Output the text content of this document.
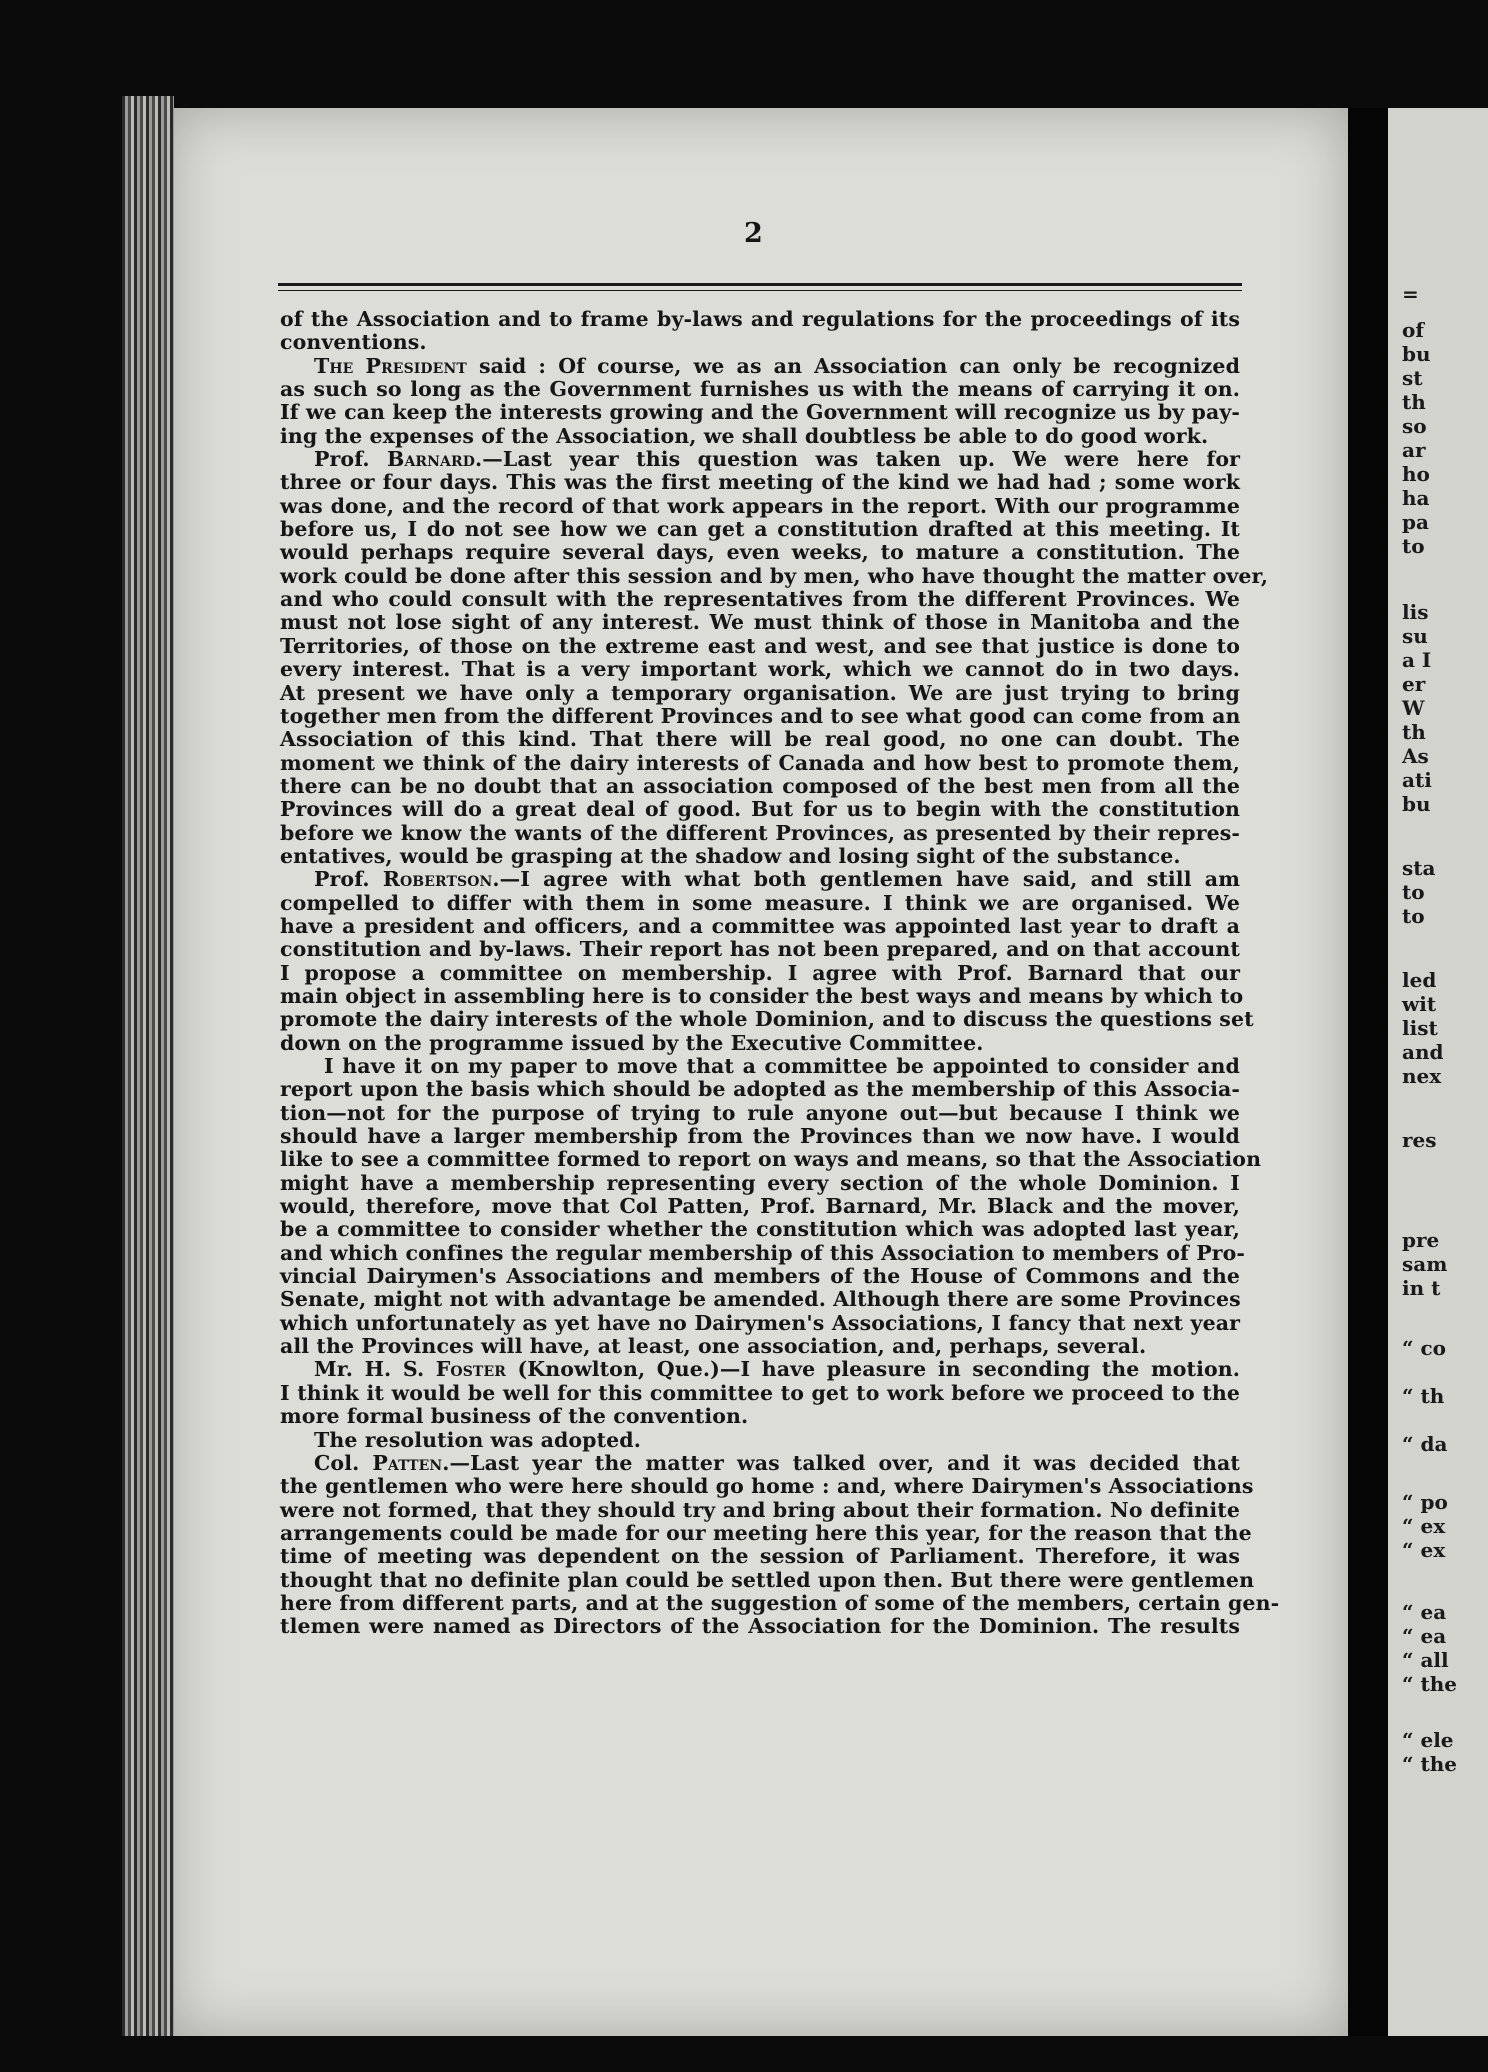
2
of the Association and to frame by-laws and regulations for the proceedings of its
conventions.
The President said : Of course, we as an Association can only be recognized
as such so long as the Government furnishes us with the means of carrying it on.
If we can keep the interests growing and the Government will recognize us by pay-
ing the expenses of the Association, we shall doubtless be able to do good work.
Prof. Barnard.—Last year this question was taken up. We were here for
three or four days. This was the first meeting of the kind we had had ; some work
was done, and the record of that work appears in the report. With our programme
before us, I do not see how we can get a constitution drafted at this meeting. It
would perhaps require several days, even weeks, to mature a constitution. The
work could be done after this session and by men, who have thought the matter over,
and who could consult with the representatives from the different Provinces. We
must not lose sight of any interest. We must think of those in Manitoba and the
Territories, of those on the extreme east and west, and see that justice is done to
every interest. That is a very important work, which we cannot do in two days.
At present we have only a temporary organisation. We are just trying to bring
together men from the different Provinces and to see what good can come from an
Association of this kind. That there will be real good, no one can doubt. The
moment we think of the dairy interests of Canada and how best to promote them,
there can be no doubt that an association composed of the best men from all the
Provinces will do a great deal of good. But for us to begin with the constitution
before we know the wants of the different Provinces, as presented by their repres-
entatives, would be grasping at the shadow and losing sight of the substance.
Prof. Robertson.—I agree with what both gentlemen have said, and still am
compelled to differ with them in some measure. I think we are organised. We
have a president and officers, and a committee was appointed last year to draft a
constitution and by-laws. Their report has not been prepared, and on that account
I propose a committee on membership. I agree with Prof. Barnard that our
main object in assembling here is to consider the best ways and means by which to
promote the dairy interests of the whole Dominion, and to discuss the questions set
down on the programme issued by the Executive Committee.
I have it on my paper to move that a committee be appointed to consider and
report upon the basis which should be adopted as the membership of this Associa-
tion—not for the purpose of trying to rule anyone out—but because I think we
should have a larger membership from the Provinces than we now have. I would
like to see a committee formed to report on ways and means, so that the Association
might have a membership representing every section of the whole Dominion. I
would, therefore, move that Col Patten, Prof. Barnard, Mr. Black and the mover,
be a committee to consider whether the constitution which was adopted last year,
and which confines the regular membership of this Association to members of Pro-
vincial Dairymen's Associations and members of the House of Commons and the
Senate, might not with advantage be amended. Although there are some Provinces
which unfortunately as yet have no Dairymen's Associations, I fancy that next year
all the Provinces will have, at least, one association, and, perhaps, several.
Mr. H. S. Foster (Knowlton, Que.)—I have pleasure in seconding the motion.
I think it would be well for this committee to get to work before we proceed to the
more formal business of the convention.
The resolution was adopted.
Col. Patten.—Last year the matter was talked over, and it was decided that
the gentlemen who were here should go home : and, where Dairymen's Associations
were not formed, that they should try and bring about their formation. No definite
arrangements could be made for our meeting here this year, for the reason that the
time of meeting was dependent on the session of Parliament. Therefore, it was
thought that no definite plan could be settled upon then. But there were gentlemen
here from different parts, and at the suggestion of some of the members, certain gen-
tlemen were named as Directors of the Association for the Dominion. The results
=
of
bu
st
th
so
ar
ho
ha
pa
to
lis
su
a I
er
W
th
As
ati
bu
sta
to
to
led
wit
list
and
nex
res
pre
sam
in t
“ co
“ th
“ da
“ po
“ ex
“ ex
“ ea
“ ea
“ all
“ the
“ ele
“ the
